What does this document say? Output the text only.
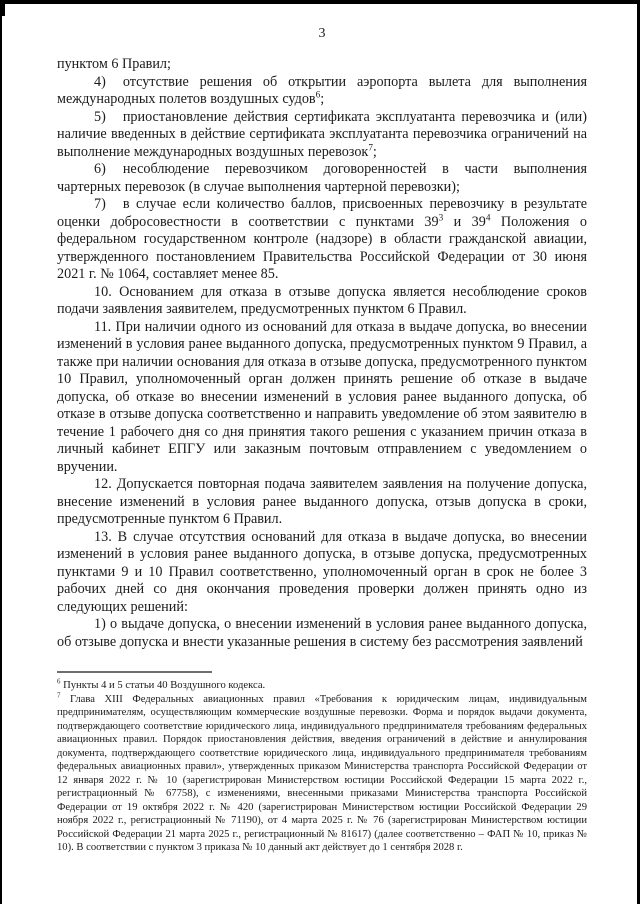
3

пунктом 6 Правил;

4) отсутствие решения об открытии аэропорта вылета для выполнения международных полетов воздушных судов$^6$;

5) приостановление действия сертификата эксплуатанта перевозчика и (или) наличие введенных в действие сертификата эксплуатанта перевозчика ограничений на выполнение международных воздушных перевозок$^7$;

6) несоблюдение перевозчиком договоренностей в части выполнения чартерных перевозок (в случае выполнения чартерной перевозки);

7) в случае если количество баллов, присвоенных перевозчику в результате оценки добросовестности в соответствии с пунктами $39^3$ и $39^4$ Положения о федеральном государственном контроле (надзоре) в области гражданской авиации, утвержденного постановлением Правительства Российской Федерации от 30 июня 2021 г. № 1064, составляет менее 85.

10. Основанием для отказа в отзыве допуска является несоблюдение сроков подачи заявления заявителем, предусмотренных пунктом 6 Правил.

11. При наличии одного из оснований для отказа в выдаче допуска, во внесении изменений в условия ранее выданного допуска, предусмотренных пунктом 9 Правил, а также при наличии основания для отказа в отзыве допуска, предусмотренного пунктом 10 Правил, уполномоченный орган должен принять решение об отказе в выдаче допуска, об отказе во внесении изменений в условия ранее выданного допуска, об отказе в отзыве допуска соответственно и направить уведомление об этом заявителю в течение 1 рабочего дня со дня принятия такого решения с указанием причин отказа в личный кабинет ЕПГУ или заказным почтовым отправлением с уведомлением о вручении.

12. Допускается повторная подача заявителем заявления на получение допуска, внесение изменений в условия ранее выданного допуска, отзыв допуска в сроки, предусмотренные пунктом 6 Правил.

13. В случае отсутствия оснований для отказа в выдаче допуска, во внесении изменений в условия ранее выданного допуска, в отзыве допуска, предусмотренных пунктами 9 и 10 Правил соответственно, уполномоченный орган в срок не более 3 рабочих дней со дня окончания проведения проверки должен принять одно из следующих решений:

1) о выдаче допуска, о внесении изменений в условия ранее выданного допуска, об отзыве допуска и внести указанные решения в систему без рассмотрения заявлений

$^6$ Пункты 4 и 5 статьи 40 Воздушного кодекса.

$^7$ Глава XIII Федеральных авиационных правил «Требования к юридическим лицам, индивидуальным предпринимателям, осуществляющим коммерческие воздушные перевозки. Форма и порядок выдачи документа, подтверждающего соответствие юридического лица, индивидуального предпринимателя требованиям федеральных авиационных правил. Порядок приостановления действия, введения ограничений в действие и аннулирования документа, подтверждающего соответствие юридического лица, индивидуального предпринимателя требованиям федеральных авиационных правил», утвержденных приказом Министерства транспорта Российской Федерации от 12 января 2022 г. № 10 (зарегистрирован Министерством юстиции Российской Федерации 15 марта 2022 г., регистрационный № 67758), с изменениями, внесенными приказами Министерства транспорта Российской Федерации от 19 октября 2022 г. № 420 (зарегистрирован Министерством юстиции Российской Федерации 29 ноября 2022 г., регистрационный № 71190), от 4 марта 2025 г. № 76 (зарегистрирован Министерством юстиции Российской Федерации 21 марта 2025 г., регистрационный № 81617) (далее соответственно – ФАП № 10, приказ № 10). В соответствии с пунктом 3 приказа № 10 данный акт действует до 1 сентября 2028 г.
